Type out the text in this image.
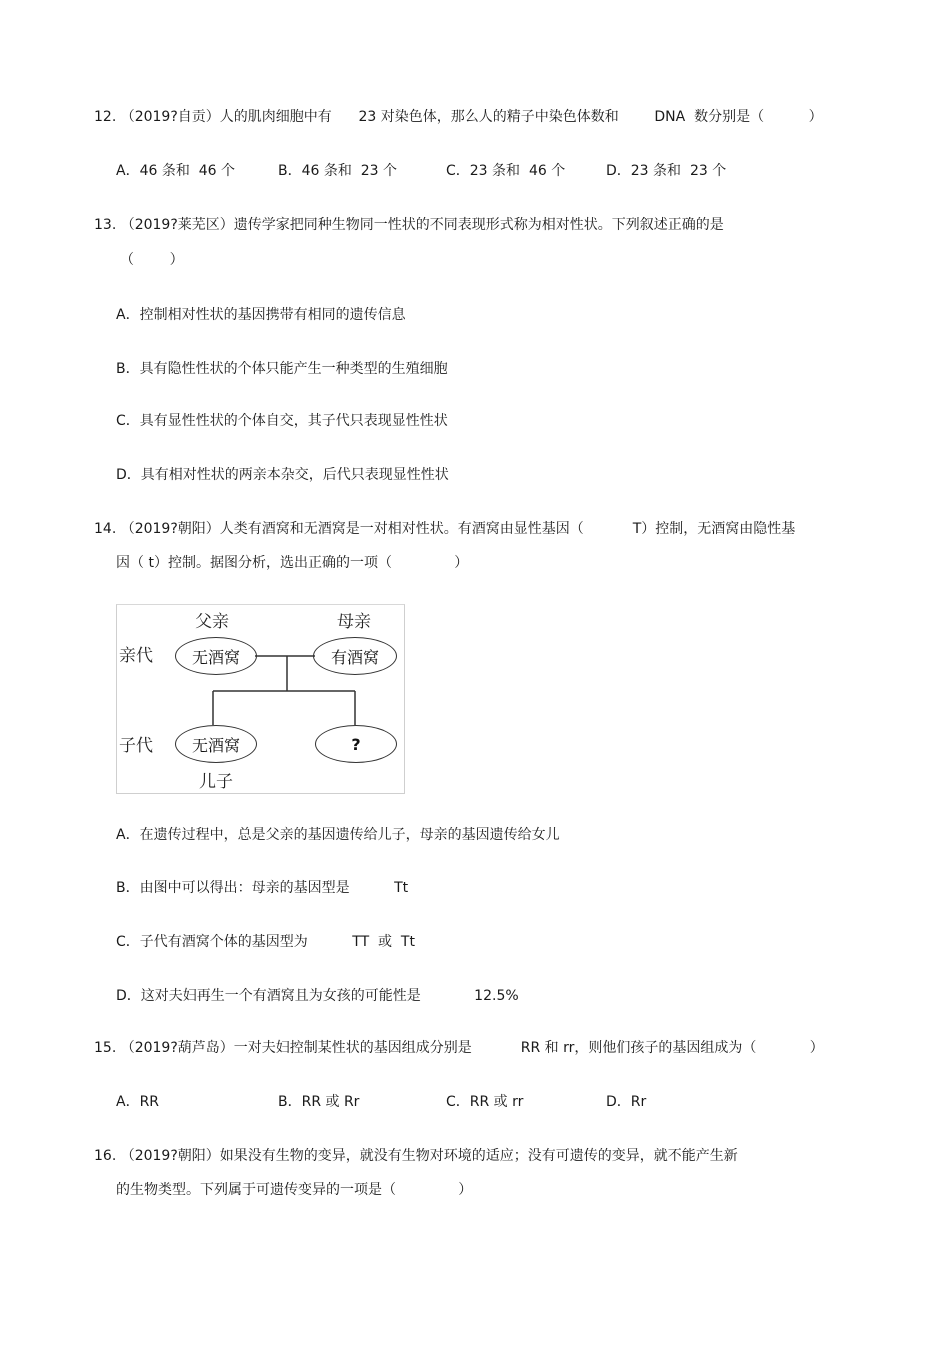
12. （2019?自贡）人的肌肉细胞中有      23 对染色体，那么人的精子中染色体数和        DNA  数分别是（          ）
A．46 条和  46 个	B．46 条和  23 个	C．23 条和  46 个	D．23 条和  23 个
13. （2019?莱芜区）遗传学家把同种生物同一性状的不同表现形式称为相对性状。下列叙述正确的是
（        ）
A．控制相对性状的基因携带有相同的遗传信息
B．具有隐性性状的个体只能产生一种类型的生殖细胞
C．具有显性性状的个体自交，其子代只表现显性性状
D．具有相对性状的两亲本杂交，后代只表现显性性状
14. （2019?朝阳）人类有酒窝和无酒窝是一对相对性状。有酒窝由显性基因（           T）控制，无酒窝由隐性基
因（ t）控制。据图分析，选出正确的一项（              ）
父亲	母亲
亲代
子代
无酒窝	有酒窝
无酒窝	?
儿子
A．在遗传过程中，总是父亲的基因遗传给儿子，母亲的基因遗传给女儿
B．由图中可以得出：母亲的基因型是          Tt
C．子代有酒窝个体的基因型为          TT  或  Tt
D．这对夫妇再生一个有酒窝且为女孩的可能性是            12.5%
15. （2019?葫芦岛）一对夫妇控制某性状的基因组成分别是           RR 和 rr，则他们孩子的基因组成为（            ）
A．RR	B．RR 或 Rr	C．RR 或 rr	D．Rr
16. （2019?朝阳）如果没有生物的变异，就没有生物对环境的适应；没有可遗传的变异，就不能产生新
的生物类型。下列属于可遗传变异的一项是（              ）
